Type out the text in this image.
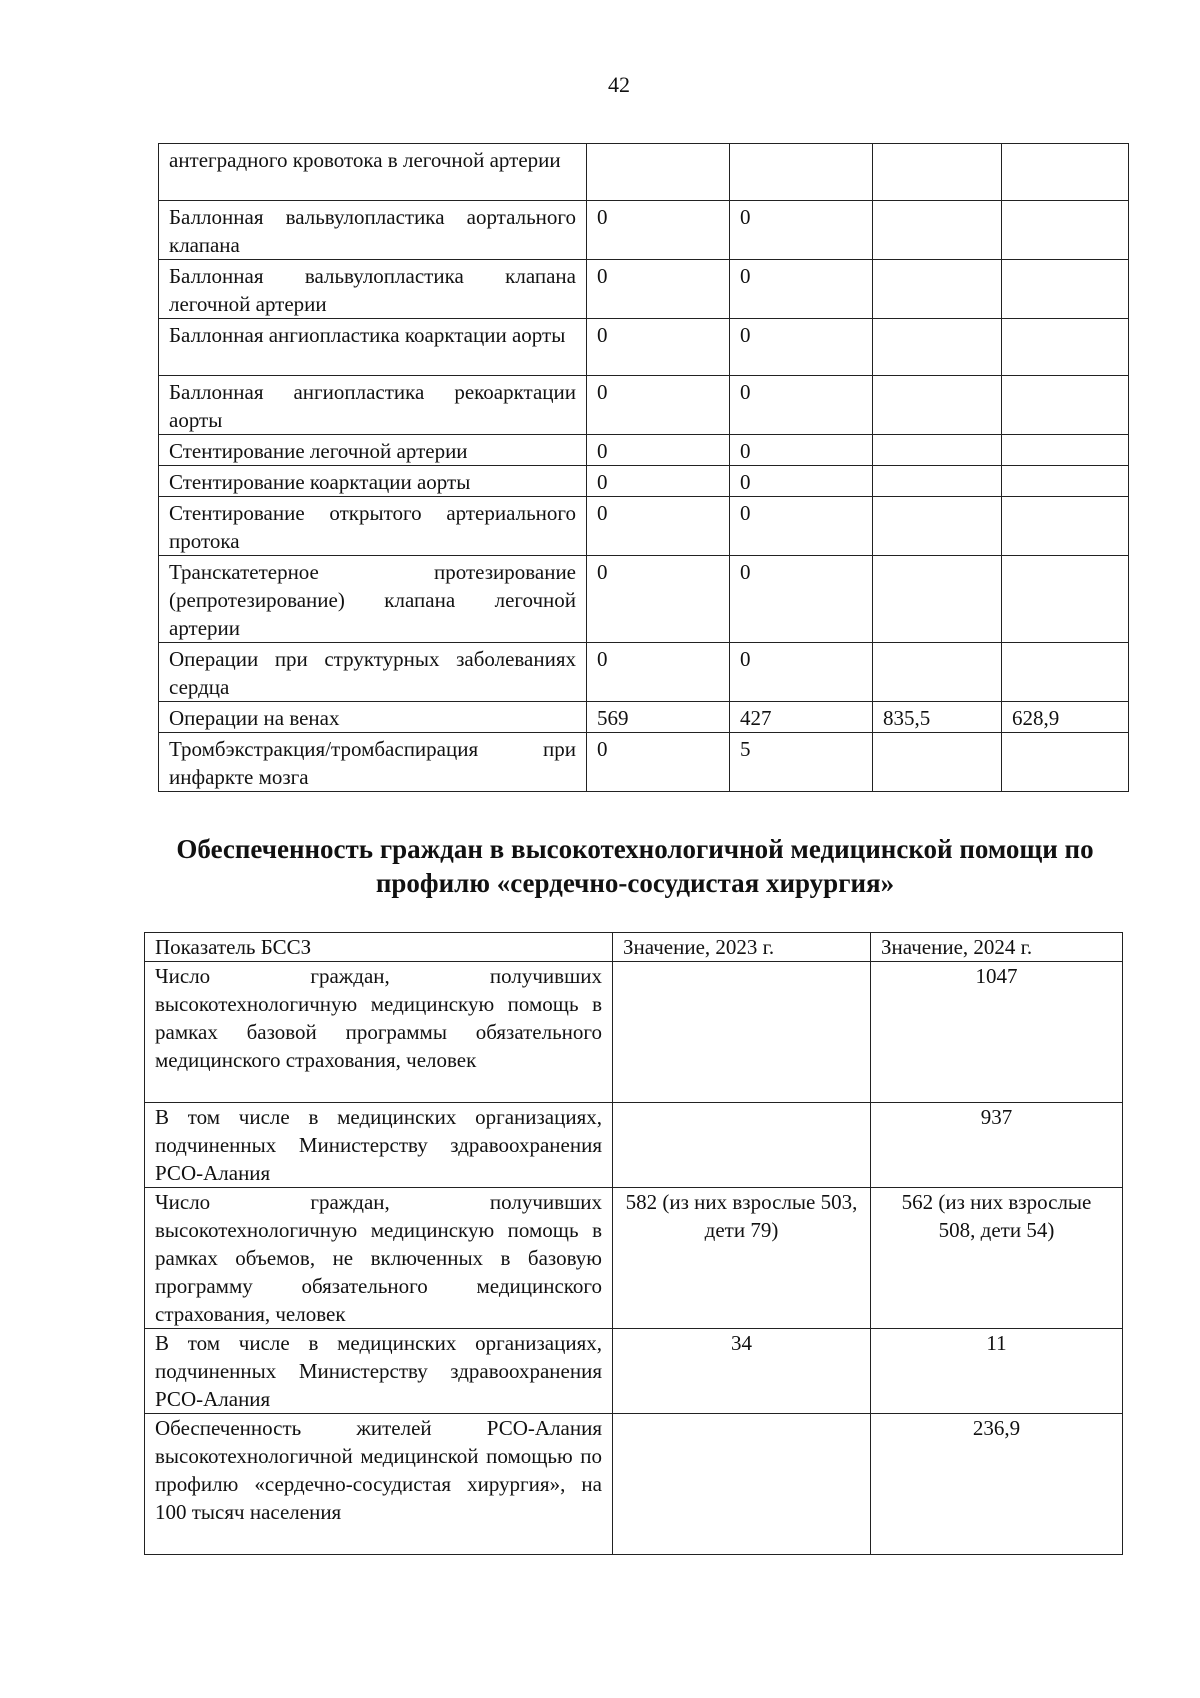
42
антеградного кровотока в легочной артерии				
Баллонная вальвулопластика аортального клапана	0	0		
Баллонная вальвулопластика клапана легочной артерии	0	0		
Баллонная ангиопластика коарктации аорты	0	0		
Баллонная ангиопластика рекоарктации аорты	0	0		
Стентирование легочной артерии	0	0		
Стентирование коарктации аорты	0	0		
Стентирование открытого артериального протока	0	0		
Транскатетерное протезирование (репротезирование) клапана легочной артерии	0	0		
Операции при структурных заболеваниях сердца	0	0		
Операции на венах	569	427	835,5	628,9
Тромбэкстракция/тромбаспирация при инфаркте мозга	0	5		
Обеспеченность граждан в высокотехнологичной медицинской помощи по профилю «сердечно-сосудистая хирургия»
Показатель БССЗ	Значение, 2023 г.	Значение, 2024 г.
Число граждан, получивших высокотехнологичную медицинскую помощь в рамках базовой программы обязательного медицинского страхования, человек		1047
В том числе в медицинских организациях, подчиненных Министерству здравоохранения РСО-Алания		937
Число граждан, получивших высокотехнологичную медицинскую помощь в рамках объемов, не включенных в базовую программу обязательного медицинского страхования, человек	582 (из них взрослые 503, дети 79)	562 (из них взрослые 508, дети 54)
В том числе в медицинских организациях, подчиненных Министерству здравоохранения РСО-Алания	34	11
Обеспеченность жителей РСО-Алания высокотехнологичной медицинской помощью по профилю «сердечно-сосудистая хирургия», на 100 тысяч населения		236,9
